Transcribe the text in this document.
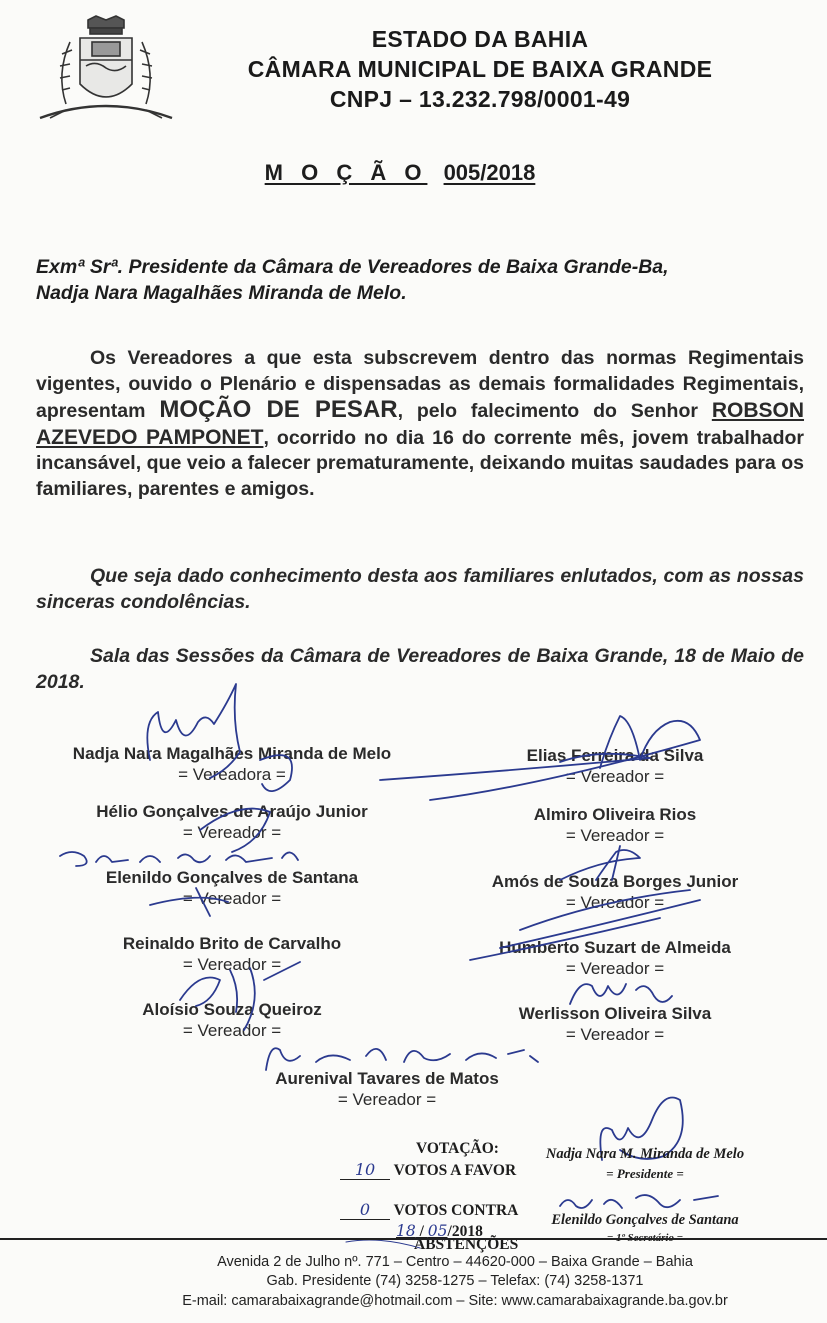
ESTADO DA BAHIA
CÂMARA MUNICIPAL DE BAIXA GRANDE
CNPJ – 13.232.798/0001-49
M O Ç Ã O 005/2018
Exmª Srª. Presidente da Câmara de Vereadores de Baixa Grande-Ba,
Nadja Nara Magalhães Miranda de Melo.
Os Vereadores a que esta subscrevem dentro das normas Regimentais vigentes, ouvido o Plenário e dispensadas as demais formalidades Regimentais, apresentam MOÇÃO DE PESAR, pelo falecimento do Senhor ROBSON AZEVEDO PAMPONET, ocorrido no dia 16 do corrente mês, jovem trabalhador incansável, que veio a falecer prematuramente, deixando muitas saudades para os familiares, parentes e amigos.
Que seja dado conhecimento desta aos familiares enlutados, com as nossas sinceras condolências.
Sala das Sessões da Câmara de Vereadores de Baixa Grande, 18 de Maio de 2018.
Nadja Nara Magalhães Miranda de Melo
= Vereadora =
Elias Ferreira da Silva
= Vereador =
Hélio Gonçalves de Araújo Junior
= Vereador =
Almiro Oliveira Rios
= Vereador =
Elenildo Gonçalves de Santana
= Vereador =
Amós de Souza Borges Junior
= Vereador =
Reinaldo Brito de Carvalho
= Vereador =
Humberto Suzart de Almeida
= Vereador =
Aloísio Souza Queiroz
= Vereador =
Werlisson Oliveira Silva
= Vereador =
Aurenival Tavares de Matos
= Vereador =
VOTAÇÃO:
10 VOTOS A FAVOR
0 VOTOS CONTRA
18 / 05/2018
ABSTENÇÕES
Nadja Nara M. Miranda de Melo
= Presidente =
Elenildo Gonçalves de Santana
= 1º Secretário =
Avenida 2 de Julho nº. 771 – Centro – 44620-000 – Baixa Grande – Bahia
Gab. Presidente (74) 3258-1275 – Telefax: (74) 3258-1371
E-mail: camarabaixagrande@hotmail.com – Site: www.camarabaixagrande.ba.gov.br
